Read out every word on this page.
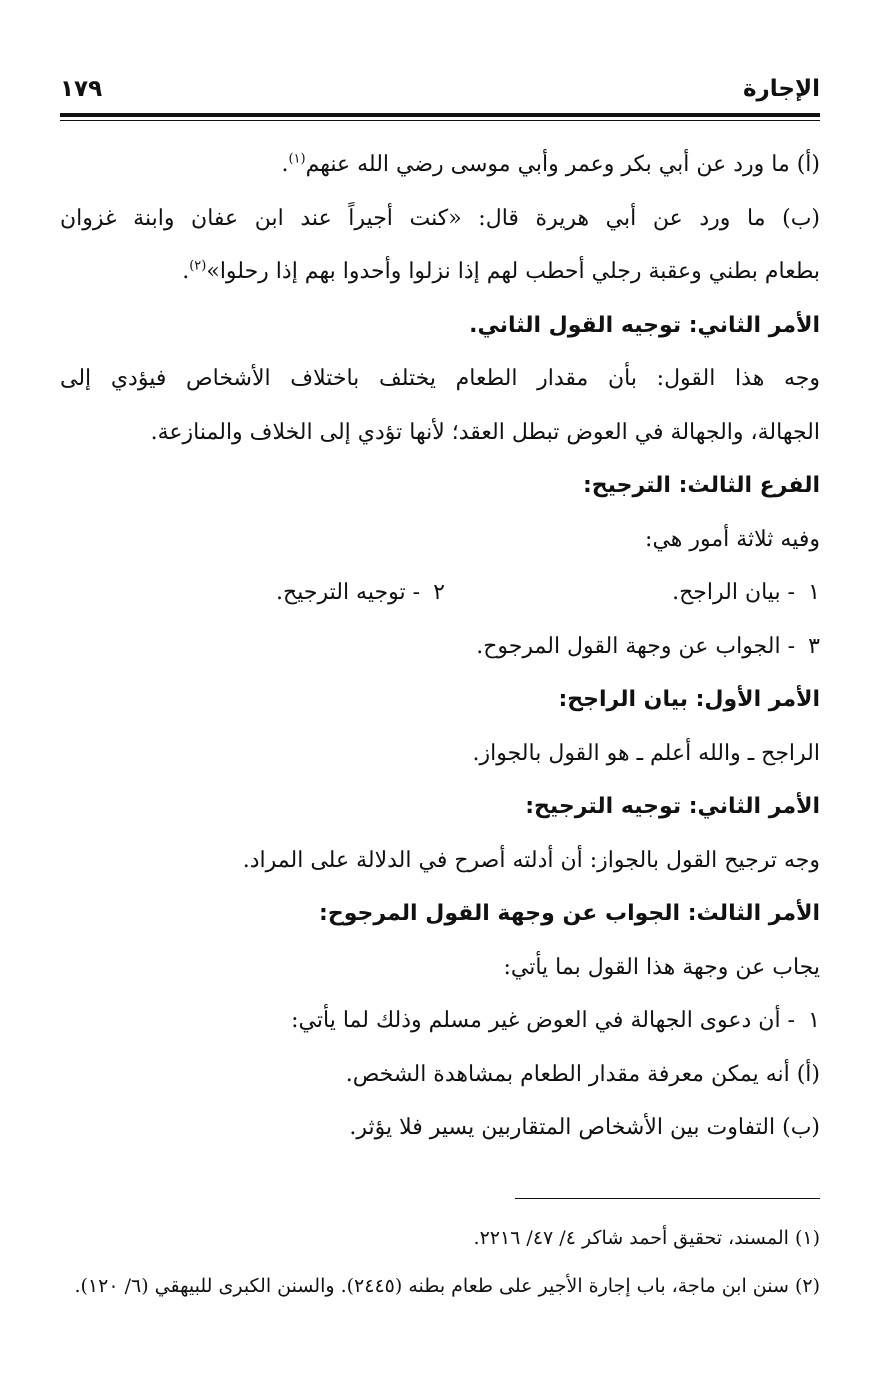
الإجارة
١٧٩
(أ) ما ورد عن أبي بكر وعمر وأبي موسى رضي الله عنهم$^{(١)}$.
(ب) ما ورد عن أبي هريرة قال: «كنت أجيراً عند ابن عفان وابنة غزوان
بطعام بطني وعقبة رجلي أحطب لهم إذا نزلوا وأحدوا بهم إذا رحلوا»$^{(٢)}$.
الأمر الثاني: توجيه القول الثاني.
وجه هذا القول: بأن مقدار الطعام يختلف باختلاف الأشخاص فيؤدي إلى
الجهالة، والجهالة في العوض تبطل العقد؛ لأنها تؤدي إلى الخلاف والمنازعة.
الفرع الثالث: الترجيح:
وفيه ثلاثة أمور هي:
١ - بيان الراجح.
٢ - توجيه الترجيح.
٣ - الجواب عن وجهة القول المرجوح.
الأمر الأول: بيان الراجح:
الراجح ـ والله أعلم ـ هو القول بالجواز.
الأمر الثاني: توجيه الترجيح:
وجه ترجيح القول بالجواز: أن أدلته أصرح في الدلالة على المراد.
الأمر الثالث: الجواب عن وجهة القول المرجوح:
يجاب عن وجهة هذا القول بما يأتي:
١ - أن دعوى الجهالة في العوض غير مسلم وذلك لما يأتي:
(أ) أنه يمكن معرفة مقدار الطعام بمشاهدة الشخص.
(ب) التفاوت بين الأشخاص المتقاربين يسير فلا يؤثر.
(١) المسند، تحقيق أحمد شاكر ٤/ ٤٧/ ٢٢١٦.
(٢) سنن ابن ماجة، باب إجارة الأجير على طعام بطنه (٢٤٤٥). والسنن الكبرى للبيهقي (٦/ ١٢٠).
